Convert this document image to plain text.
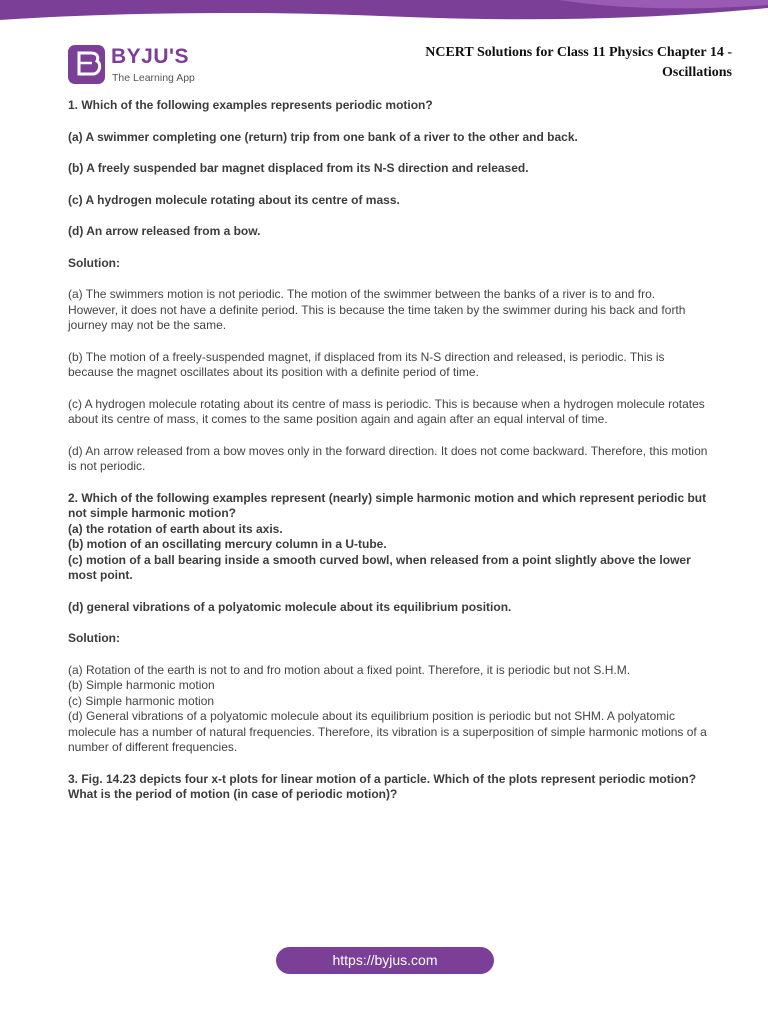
BYJU'S
The Learning App
NCERT Solutions for Class 11 Physics Chapter 14 -
Oscillations

1. Which of the following examples represents periodic motion?

(a) A swimmer completing one (return) trip from one bank of a river to the other and back.

(b) A freely suspended bar magnet displaced from its N-S direction and released.

(c) A hydrogen molecule rotating about its centre of mass.

(d) An arrow released from a bow.

Solution:

(a) The swimmers motion is not periodic. The motion of the swimmer between the banks of a river is to and fro. However, it does not have a definite period. This is because the time taken by the swimmer during his back and forth journey may not be the same.

(b) The motion of a freely-suspended magnet, if displaced from its N-S direction and released, is periodic. This is because the magnet oscillates about its position with a definite period of time.

(c) A hydrogen molecule rotating about its centre of mass is periodic. This is because when a hydrogen molecule rotates about its centre of mass, it comes to the same position again and again after an equal interval of time.

(d) An arrow released from a bow moves only in the forward direction. It does not come backward. Therefore, this motion is not periodic.

2. Which of the following examples represent (nearly) simple harmonic motion and which represent periodic but not simple harmonic motion?

(a) the rotation of earth about its axis.

(b) motion of an oscillating mercury column in a U-tube.

(c) motion of a ball bearing inside a smooth curved bowl, when released from a point slightly above the lower most point.

(d) general vibrations of a polyatomic molecule about its equilibrium position.

Solution:

(a) Rotation of the earth is not to and fro motion about a fixed point. Therefore, it is periodic but not S.H.M.

(b) Simple harmonic motion

(c) Simple harmonic motion

(d) General vibrations of a polyatomic molecule about its equilibrium position is periodic but not SHM. A polyatomic molecule has a number of natural frequencies. Therefore, its vibration is a superposition of simple harmonic motions of a number of different frequencies.

3. Fig. 14.23 depicts four x-t plots for linear motion of a particle. Which of the plots represent periodic motion? What is the period of motion (in case of periodic motion)?

https://byjus.com
